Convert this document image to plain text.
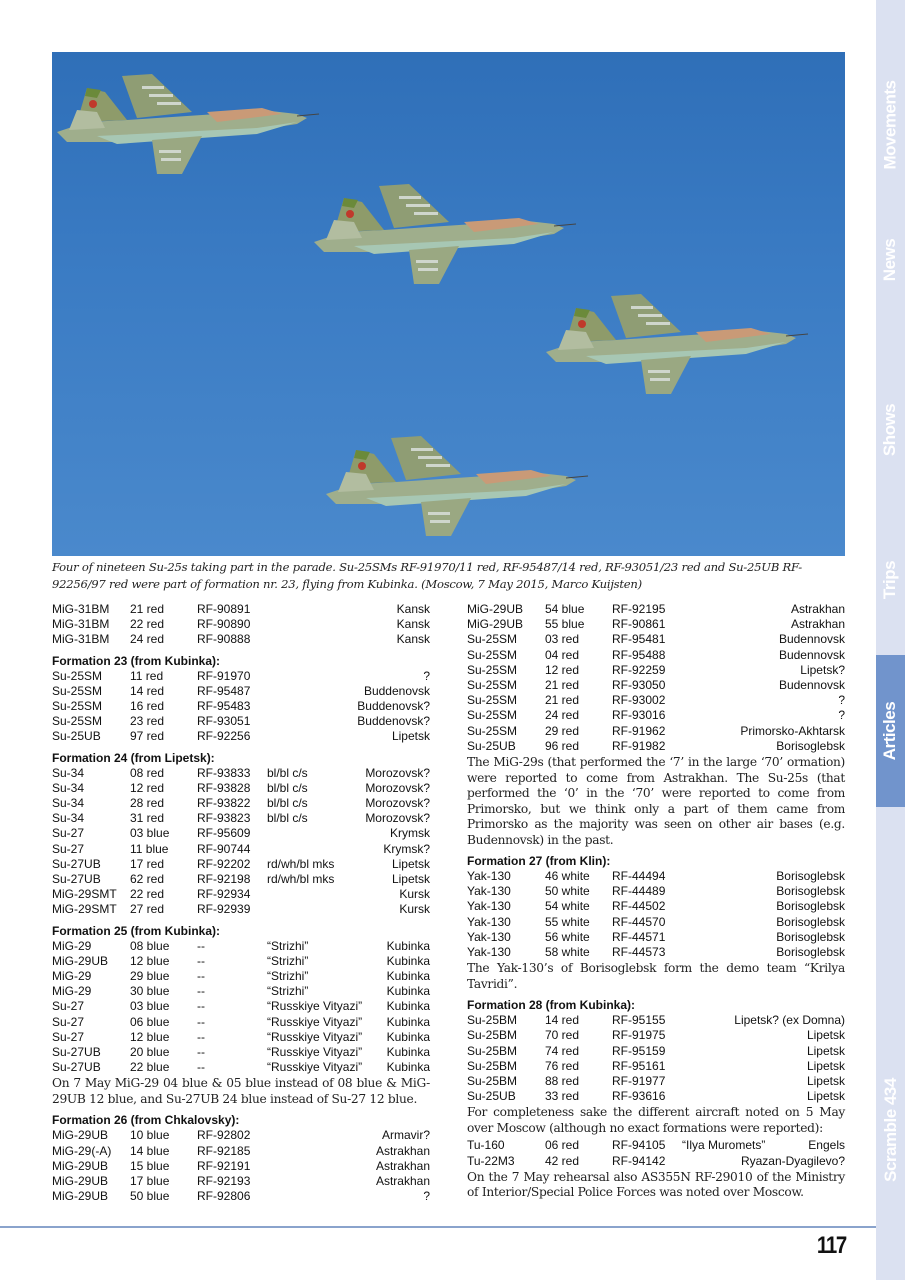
Four of nineteen Su-25s taking part in the parade. Su-25SMs RF-91970/11 red, RF-95487/14 red, RF-93051/23 red and Su-25UB RF-92256/97 red were part of formation nr. 23, flying from Kubinka. (Moscow, 7 May 2015, Marco Kuijsten)
MiG-31BM	21 red	RF-90891	Kansk
MiG-31BM	22 red	RF-90890	Kansk
MiG-31BM	24 red	RF-90888	Kansk
Formation 23 (from Kubinka):
Su-25SM	11 red	RF-91970	?
Su-25SM	14 red	RF-95487	Buddenovsk
Su-25SM	16 red	RF-95483	Buddenovsk?
Su-25SM	23 red	RF-93051	Buddenovsk?
Su-25UB	97 red	RF-92256	Lipetsk
Formation 24 (from Lipetsk):
Su-34	08 red	RF-93833	bl/bl c/s	Morozovsk?
Su-34	12 red	RF-93828	bl/bl c/s	Morozovsk?
Su-34	28 red	RF-93822	bl/bl c/s	Morozovsk?
Su-34	31 red	RF-93823	bl/bl c/s	Morozovsk?
Su-27	03 blue	RF-95609	Krymsk
Su-27	11 blue	RF-90744	Krymsk?
Su-27UB	17 red	RF-92202	rd/wh/bl mks	Lipetsk
Su-27UB	62 red	RF-92198	rd/wh/bl mks	Lipetsk
MiG-29SMT	22 red	RF-92934	Kursk
MiG-29SMT	27 red	RF-92939	Kursk
Formation 25 (from Kubinka):
MiG-29	08 blue	--	“Strizhi”	Kubinka
MiG-29UB	12 blue	--	“Strizhi”	Kubinka
MiG-29	29 blue	--	“Strizhi”	Kubinka
MiG-29	30 blue	--	“Strizhi”	Kubinka
Su-27	03 blue	--	“Russkiye Vityazi”	Kubinka
Su-27	06 blue	--	“Russkiye Vityazi”	Kubinka
Su-27	12 blue	--	“Russkiye Vityazi”	Kubinka
Su-27UB	20 blue	--	“Russkiye Vityazi”	Kubinka
Su-27UB	22 blue	--	“Russkiye Vityazi”	Kubinka
On 7 May MiG-29 04 blue & 05 blue instead of 08 blue & MiG-29UB 12 blue, and Su-27UB 24 blue instead of Su-27 12 blue.
Formation 26 (from Chkalovsky):
MiG-29UB	10 blue	RF-92802	Armavir?
MiG-29(-A)	14 blue	RF-92185	Astrakhan
MiG-29UB	15 blue	RF-92191	Astrakhan
MiG-29UB	17 blue	RF-92193	Astrakhan
MiG-29UB	50 blue	RF-92806	?
MiG-29UB	54 blue	RF-92195	Astrakhan
MiG-29UB	55 blue	RF-90861	Astrakhan
Su-25SM	03 red	RF-95481	Budennovsk
Su-25SM	04 red	RF-95488	Budennovsk
Su-25SM	12 red	RF-92259	Lipetsk?
Su-25SM	21 red	RF-93050	Budennovsk
Su-25SM	21 red	RF-93002	?
Su-25SM	24 red	RF-93016	?
Su-25SM	29 red	RF-91962	Primorsko-Akhtarsk
Su-25UB	96 red	RF-91982	Borisoglebsk
The MiG-29s (that performed the ‘7’ in the large ‘70’ ormation) were reported to come from Astrakhan. The Su-25s (that performed the ‘0’ in the ‘70’ were reported to come from Primorsko, but we think only a part of them came from Primorsko as the majority was seen on other air bases (e.g. Budennovsk) in the past.
Formation 27 (from Klin):
Yak-130	46 white	RF-44494	Borisoglebsk
Yak-130	50 white	RF-44489	Borisoglebsk
Yak-130	54 white	RF-44502	Borisoglebsk
Yak-130	55 white	RF-44570	Borisoglebsk
Yak-130	56 white	RF-44571	Borisoglebsk
Yak-130	58 white	RF-44573	Borisoglebsk
The Yak-130’s of Borisoglebsk form the demo team “Krilya Tavridi”.
Formation 28 (from Kubinka):
Su-25BM	14 red	RF-95155	Lipetsk? (ex Domna)
Su-25BM	70 red	RF-91975	Lipetsk
Su-25BM	74 red	RF-95159	Lipetsk
Su-25BM	76 red	RF-95161	Lipetsk
Su-25BM	88 red	RF-91977	Lipetsk
Su-25UB	33 red	RF-93616	Lipetsk
For completeness sake the different aircraft noted on 5 May over Moscow (although no exact formations were reported):
Tu-160	06 red	RF-94105	“Ilya Muromets”	Engels
Tu-22M3	42 red	RF-94142	Ryazan-Dyagilevo?
On the 7 May rehearsal also AS355N RF-29010 of the Ministry of Interior/Special Police Forces was noted over Moscow.
Movements
News
Shows
Trips
Articles
Scramble 434
117
